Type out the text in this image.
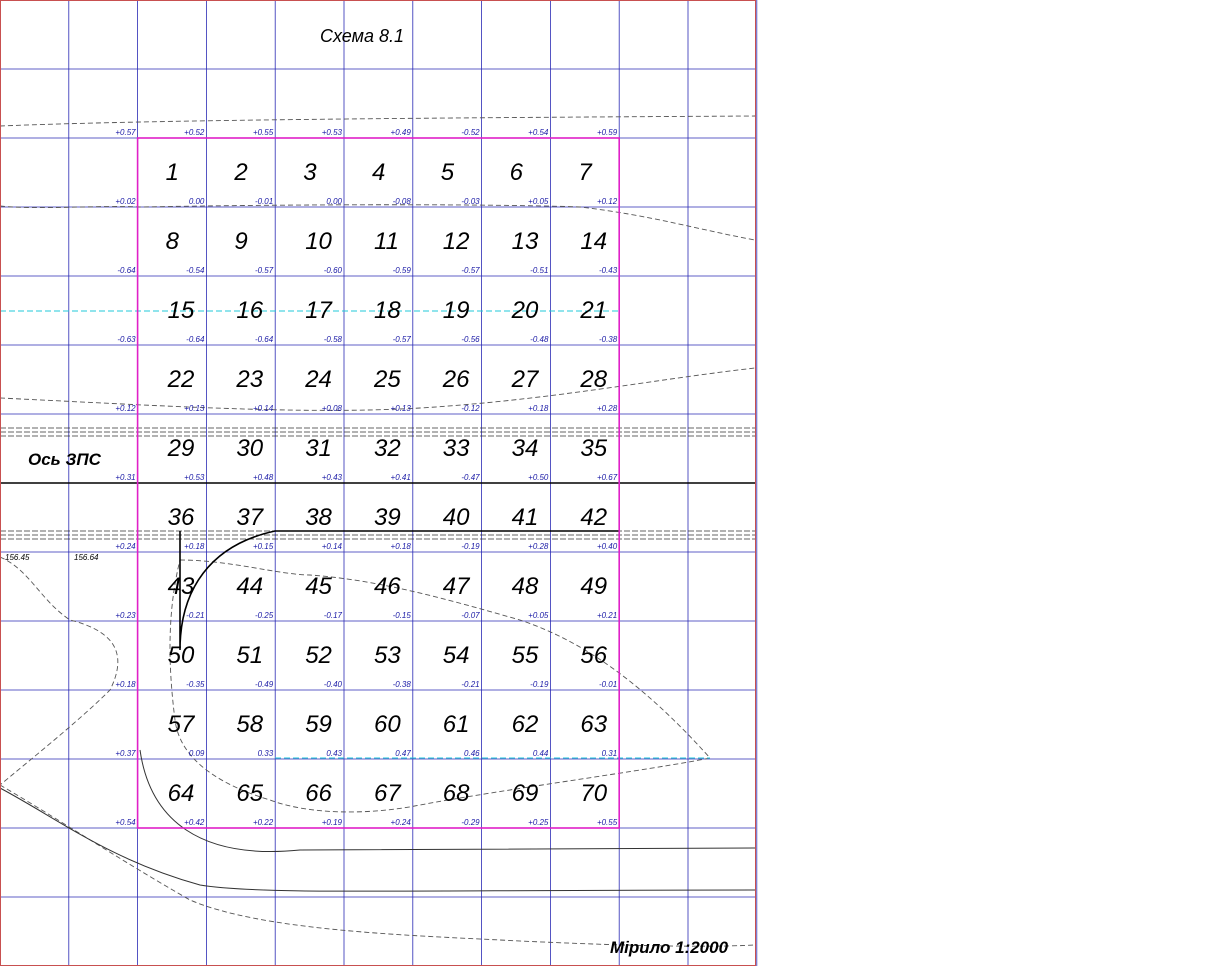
1 2 3 4 5 6 7
8 9 10 11 12 13 14
15 16 17 18 19 20 21
22 23 24 25 26 27 28
29 30 31 32 33 34 35
36 37 38 39 40 41 42
43 44 45 46 47 48 49
50 51 52 53 54 55 56
57 58 59 60 61 62 63
64 65 66 67 68 69 70
+0.57	+0.52	+0.55	+0.53	+0.49	-0.52	+0.54	+0.59
+0.02	0.00	-0.01	0.00	-0.08	-0.03	+0.05	+0.12
-0.64	-0.54	-0.57	-0.60	-0.59	-0.57	-0.51	-0.43
-0.63	-0.64	-0.64	-0.58	-0.57	-0.56	-0.48	-0.38
+0.12	+0.13	+0.14	+0.08	+0.13	-0.12	+0.18	+0.28
+0.31	+0.53	+0.48	+0.43	+0.41	-0.47	+0.50	+0.67
+0.24	+0.18	+0.15	+0.14	+0.18	-0.19	+0.28	+0.40
+0.23	-0.21	-0.25	-0.17	-0.15	-0.07	+0.05	+0.21
+0.18	-0.35	-0.49	-0.40	-0.38	-0.21	-0.19	-0.01
+0.37	0.09	0.33	0.43	0.47	0.46	0.44	0.31
+0.54	+0.42	+0.22	+0.19	+0.24	-0.29	+0.25	+0.55
Схема 8.1
Ось ЗПС
Мірило 1:2000
156.45	156.64
